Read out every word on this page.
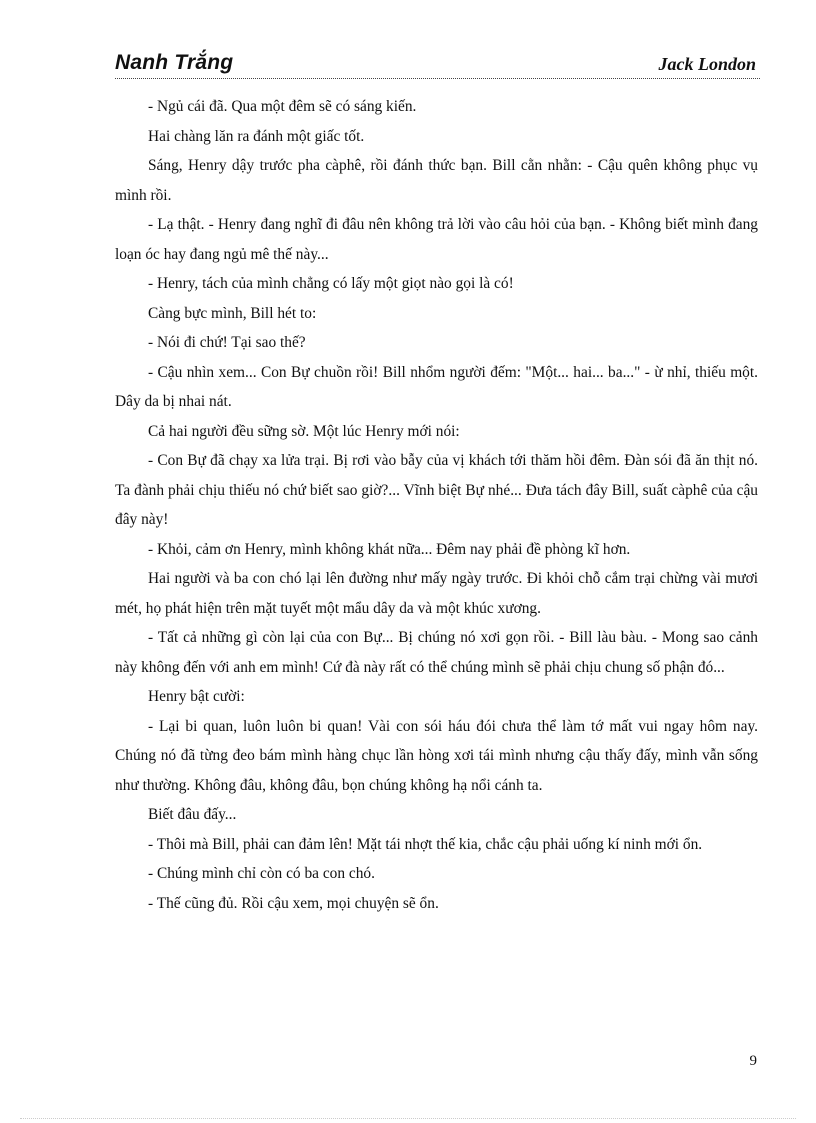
Nanh Trắng	Jack London

- Ngủ cái đã. Qua một đêm sẽ có sáng kiến.

Hai chàng lăn ra đánh một giấc tốt.

Sáng, Henry dậy trước pha càphê, rồi đánh thức bạn. Bill cằn nhằn: - Cậu quên không phục vụ mình rồi.

- Lạ thật. - Henry đang nghĩ đi đâu nên không trả lời vào câu hỏi của bạn. - Không biết mình đang loạn óc hay đang ngủ mê thế này...

- Henry, tách của mình chẳng có lấy một giọt nào gọi là có!

Càng bực mình, Bill hét to:

- Nói đi chứ! Tại sao thế?

- Cậu nhìn xem... Con Bự chuồn rồi! Bill nhổm người đếm: "Một... hai... ba..." - ừ nhỉ, thiếu một. Dây da bị nhai nát.

Cả hai người đều sững sờ. Một lúc Henry mới nói:

- Con Bự đã chạy xa lửa trại. Bị rơi vào bẫy của vị khách tới thăm hồi đêm. Đàn sói đã ăn thịt nó. Ta đành phải chịu thiếu nó chứ biết sao giờ?... Vĩnh biệt Bự nhé... Đưa tách đây Bill, suất càphê của cậu đây này!

- Khỏi, cảm ơn Henry, mình không khát nữa... Đêm nay phải đề phòng kĩ hơn.

Hai người và ba con chó lại lên đường như mấy ngày trước. Đi khỏi chỗ cắm trại chừng vài mươi mét, họ phát hiện trên mặt tuyết một mẩu dây da và một khúc xương.

- Tất cả những gì còn lại của con Bự... Bị chúng nó xơi gọn rồi. - Bill làu bàu. - Mong sao cảnh này không đến với anh em mình! Cứ đà này rất có thể chúng mình sẽ phải chịu chung số phận đó...

Henry bật cười:

- Lại bi quan, luôn luôn bi quan! Vài con sói háu đói chưa thể làm tớ mất vui ngay hôm nay. Chúng nó đã từng đeo bám mình hàng chục lần hòng xơi tái mình nhưng cậu thấy đấy, mình vẫn sống như thường. Không đâu, không đâu, bọn chúng không hạ nổi cánh ta.

Biết đâu đấy...

- Thôi mà Bill, phải can đảm lên! Mặt tái nhợt thế kia, chắc cậu phải uống kí ninh mới ổn.

- Chúng mình chỉ còn có ba con chó.

- Thế cũng đủ. Rồi cậu xem, mọi chuyện sẽ ổn.

9
